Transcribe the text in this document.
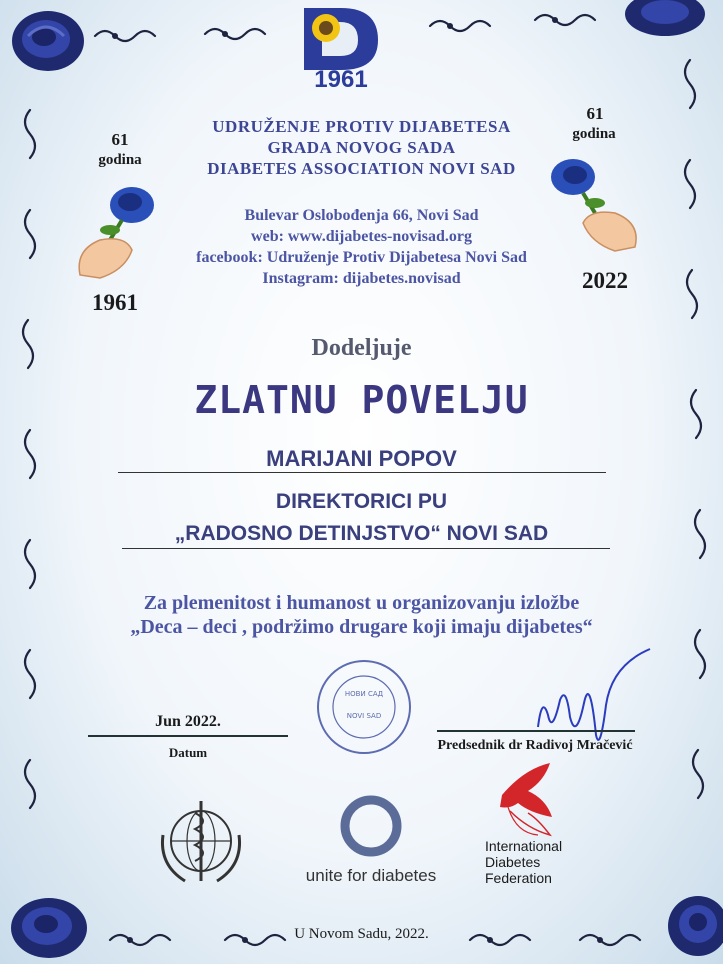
1961
UDRUŽENJE PROTIV DIJABETESA
GRADA NOVOG SADA
DIABETES ASSOCIATION NOVI SAD
Bulevar Oslobođenja 66, Novi Sad
web: www.dijabetes-novisad.org
facebook: Udruženje Protiv Dijabetesa Novi Sad
Instagram: dijabetes.novisad
61
godina
1961
61
godina
2022
Dodeljuje
ZLATNU POVELJU
MARIJANI POPOV
DIREKTORICI PU
„RADOSNO DETINJSTVO“ NOVI SAD
Za plemenitost i humanost u organizovanju izložbe
„Deca – deci , podržimo drugare koji imaju dijabetes“
Jun 2022.
Datum
НОВИ САД
NOVI SAD
Predsednik dr Radivoj Mračević
unite for diabetes
International
Diabetes
Federation
U Novom Sadu, 2022.
